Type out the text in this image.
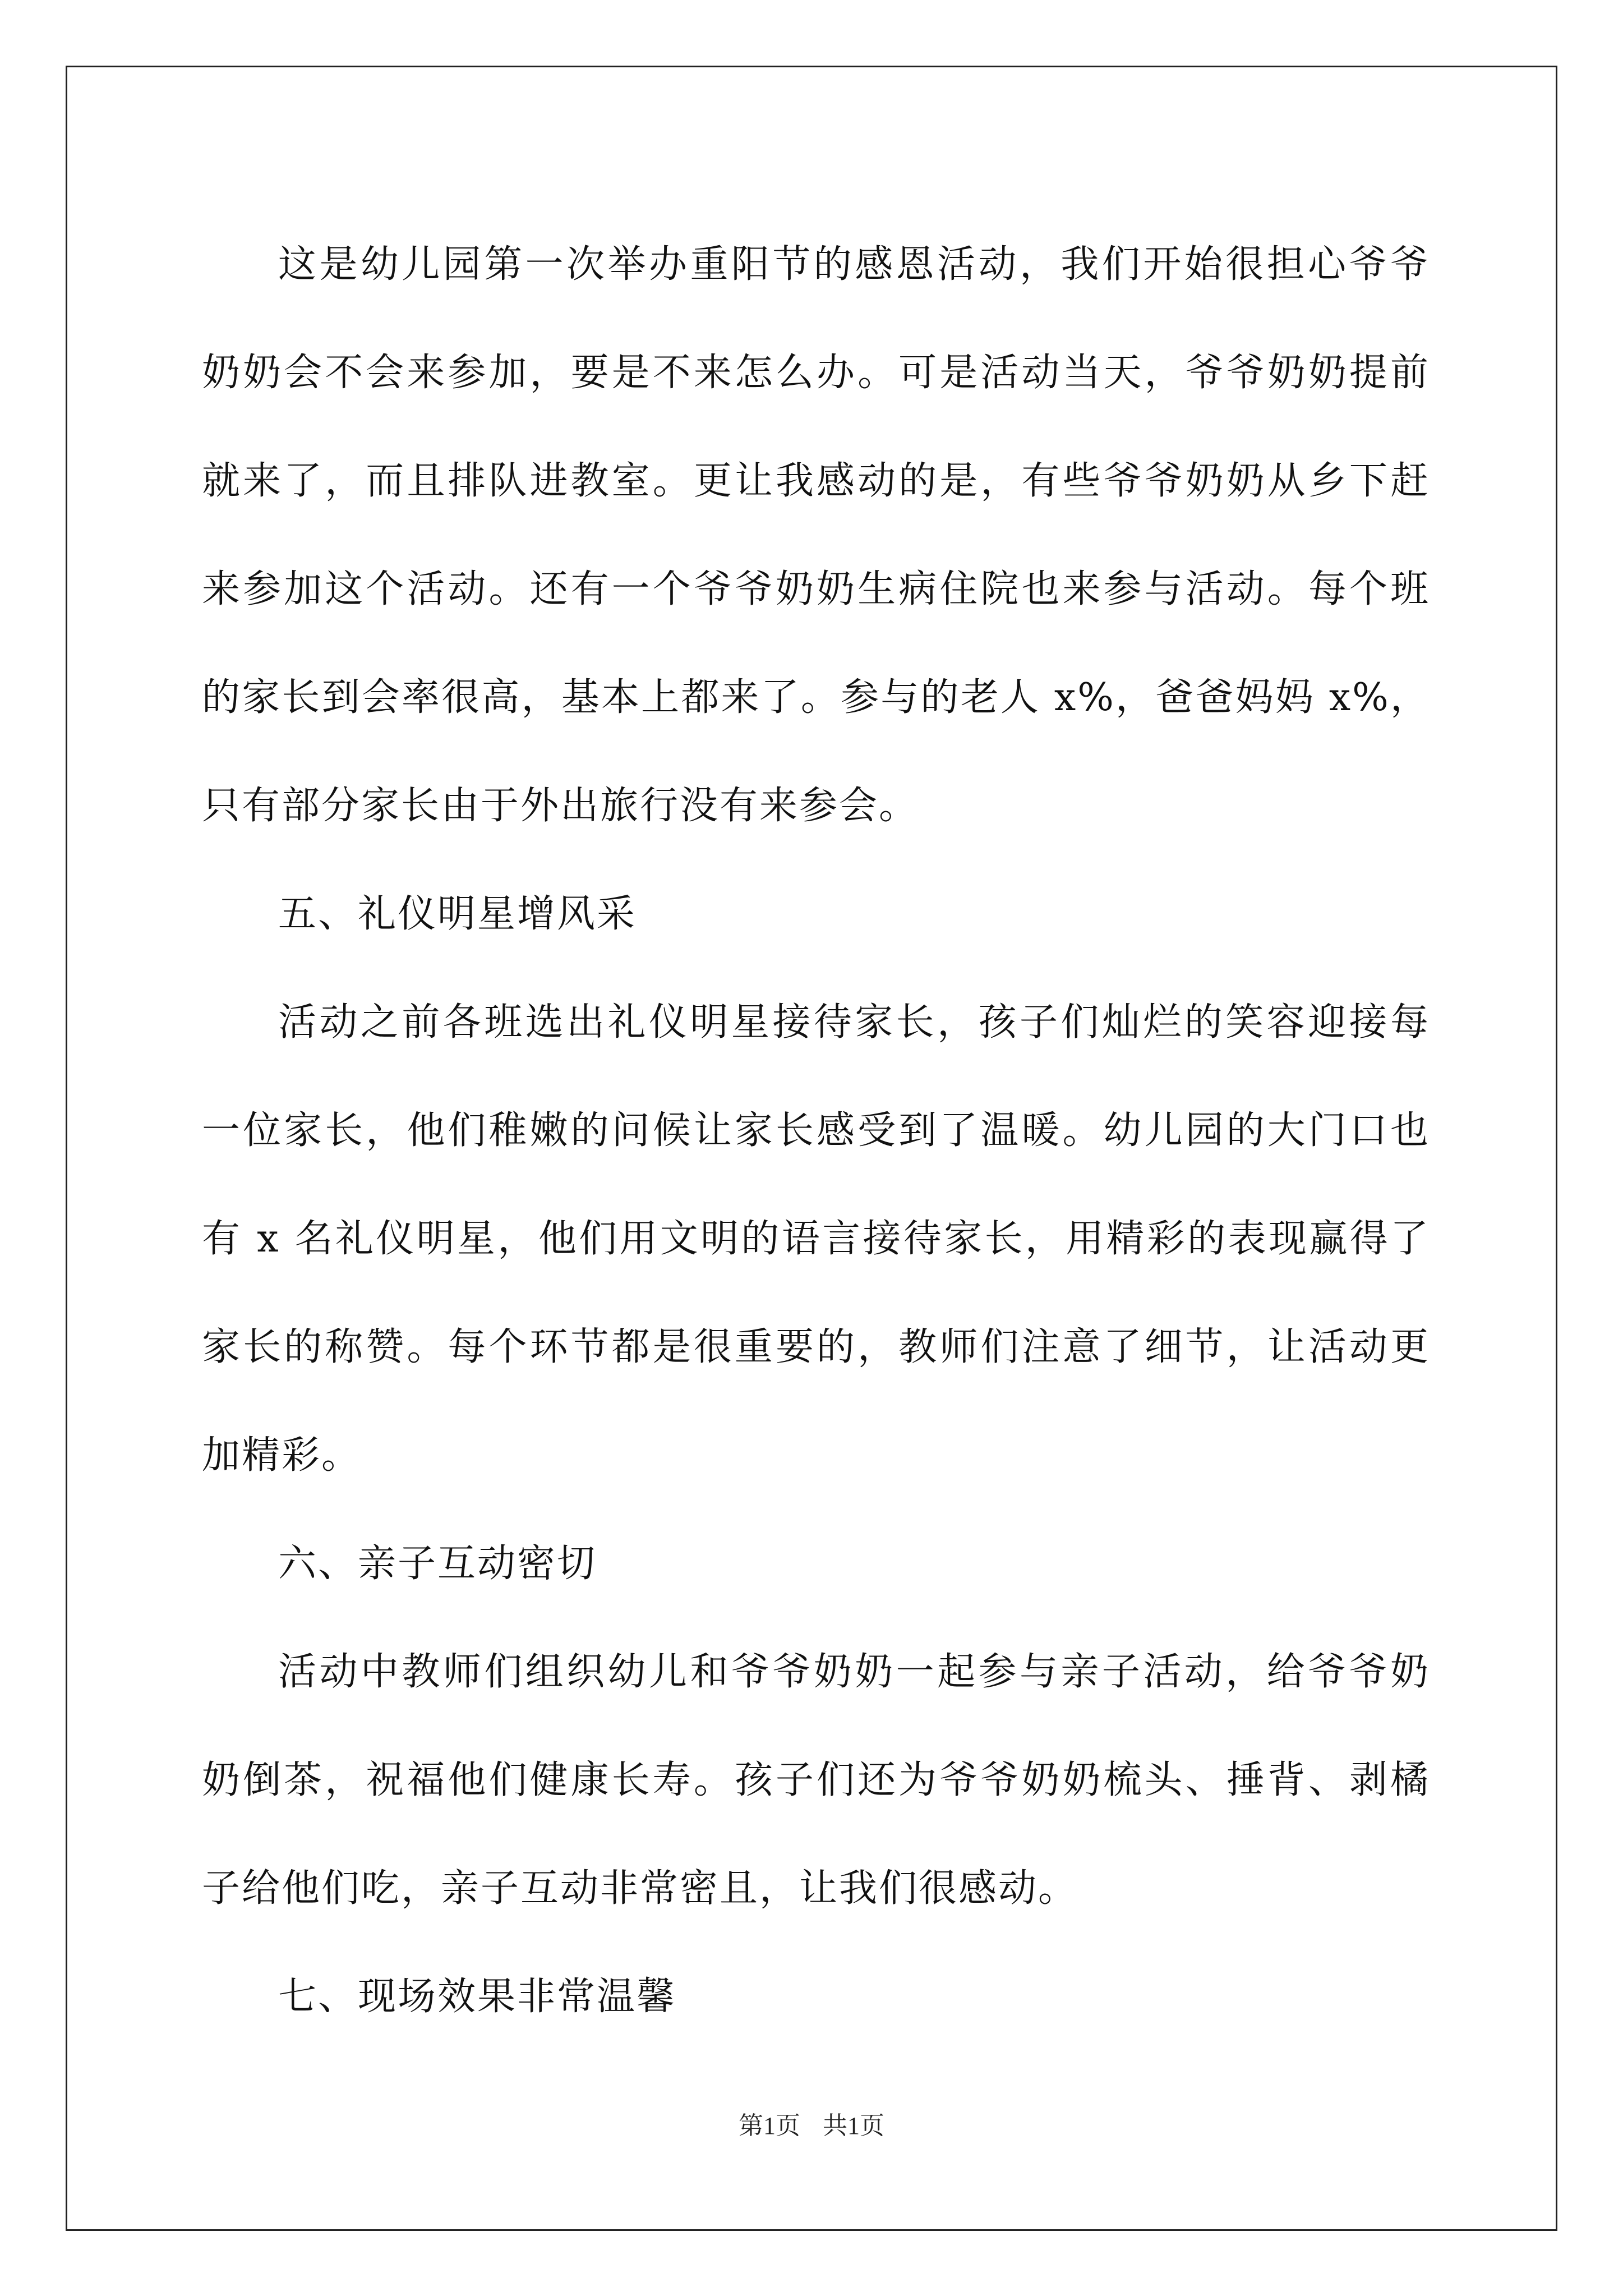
这是幼儿园第一次举办重阳节的感恩活动，我们开始很担心爷爷奶奶会不会来参加，要是不来怎么办。可是活动当天，爷爷奶奶提前就来了，而且排队进教室。更让我感动的是，有些爷爷奶奶从乡下赶来参加这个活动。还有一个爷爷奶奶生病住院也来参与活动。每个班的家长到会率很高，基本上都来了。参与的老人 x%，爸爸妈妈 x%，只有部分家长由于外出旅行没有来参会。

五、礼仪明星增风采

活动之前各班选出礼仪明星接待家长，孩子们灿烂的笑容迎接每一位家长，他们稚嫩的问候让家长感受到了温暖。幼儿园的大门口也有 x 名礼仪明星，他们用文明的语言接待家长，用精彩的表现赢得了家长的称赞。每个环节都是很重要的，教师们注意了细节，让活动更加精彩。

六、亲子互动密切

活动中教师们组织幼儿和爷爷奶奶一起参与亲子活动，给爷爷奶奶倒茶，祝福他们健康长寿。孩子们还为爷爷奶奶梳头、捶背、剥橘子给他们吃，亲子互动非常密且，让我们很感动。

七、现场效果非常温馨

第1页 共1页
